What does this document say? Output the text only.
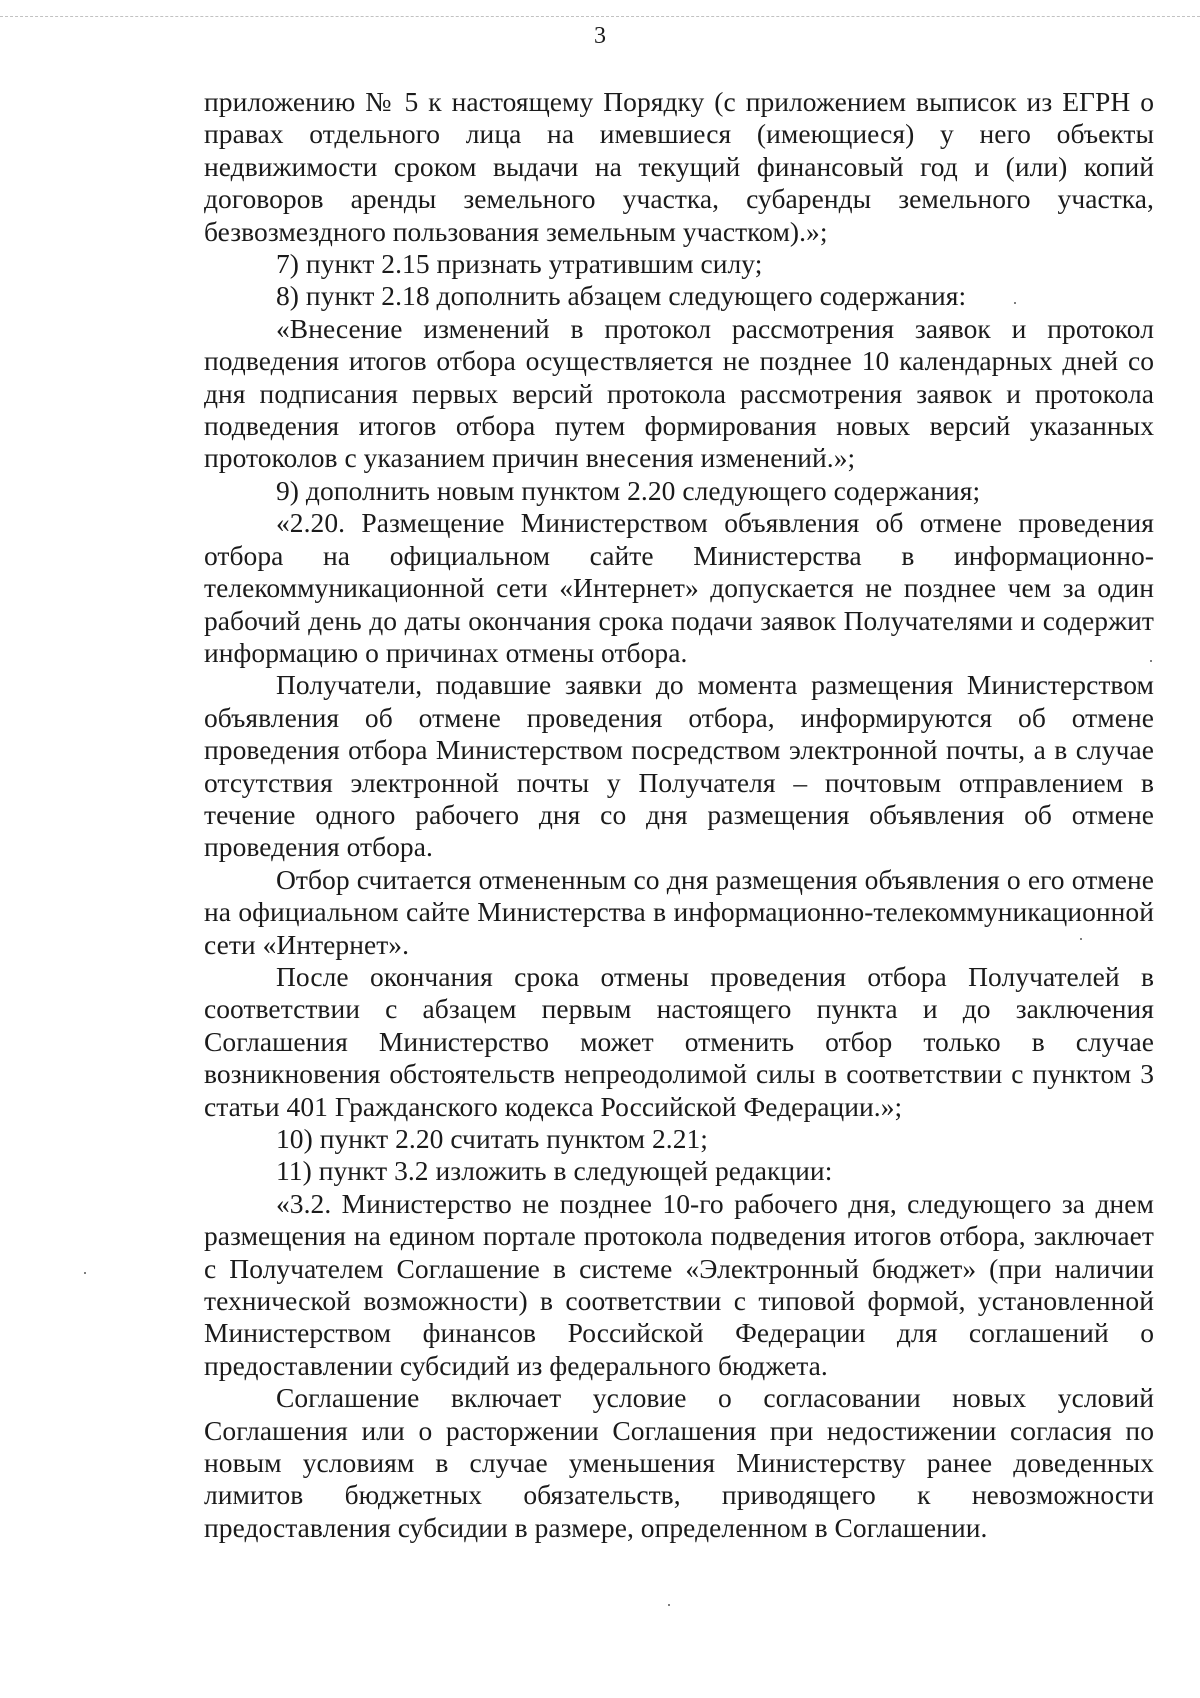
3

приложению № 5 к настоящему Порядку (с приложением выписок из ЕГРН о правах отдельного лица на имевшиеся (имеющиеся) у него объекты недвижимости сроком выдачи на текущий финансовый год и (или) копий договоров аренды земельного участка, субаренды земельного участка, безвозмездного пользования земельным участком).»;

7) пункт 2.15 признать утратившим силу;

8) пункт 2.18 дополнить абзацем следующего содержания:

«Внесение изменений в протокол рассмотрения заявок и протокол подведения итогов отбора осуществляется не позднее 10 календарных дней со дня подписания первых версий протокола рассмотрения заявок и протокола подведения итогов отбора путем формирования новых версий указанных протоколов с указанием причин внесения изменений.»;

9) дополнить новым пунктом 2.20 следующего содержания;

«2.20. Размещение Министерством объявления об отмене проведения отбора на официальном сайте Министерства в информационно-телекоммуникационной сети «Интернет» допускается не позднее чем за один рабочий день до даты окончания срока подачи заявок Получателями и содержит информацию о причинах отмены отбора.

Получатели, подавшие заявки до момента размещения Министерством объявления об отмене проведения отбора, информируются об отмене проведения отбора Министерством посредством электронной почты, а в случае отсутствия электронной почты у Получателя – почтовым отправлением в течение одного рабочего дня со дня размещения объявления об отмене проведения отбора.

Отбор считается отмененным со дня размещения объявления о его отмене на официальном сайте Министерства в информационно-телекоммуникационной сети «Интернет».

После окончания срока отмены проведения отбора Получателей в соответствии с абзацем первым настоящего пункта и до заключения Соглашения Министерство может отменить отбор только в случае возникновения обстоятельств непреодолимой силы в соответствии с пунктом 3 статьи 401 Гражданского кодекса Российской Федерации.»;

10) пункт 2.20 считать пунктом 2.21;

11) пункт 3.2 изложить в следующей редакции:

«3.2. Министерство не позднее 10-го рабочего дня, следующего за днем размещения на едином портале протокола подведения итогов отбора, заключает с Получателем Соглашение в системе «Электронный бюджет» (при наличии технической возможности) в соответствии с типовой формой, установленной Министерством финансов Российской Федерации для соглашений о предоставлении субсидий из федерального бюджета.

Соглашение включает условие о согласовании новых условий Соглашения или о расторжении Соглашения при недостижении согласия по новым условиям в случае уменьшения Министерству ранее доведенных лимитов бюджетных обязательств, приводящего к невозможности предоставления субсидии в размере, определенном в Соглашении.
